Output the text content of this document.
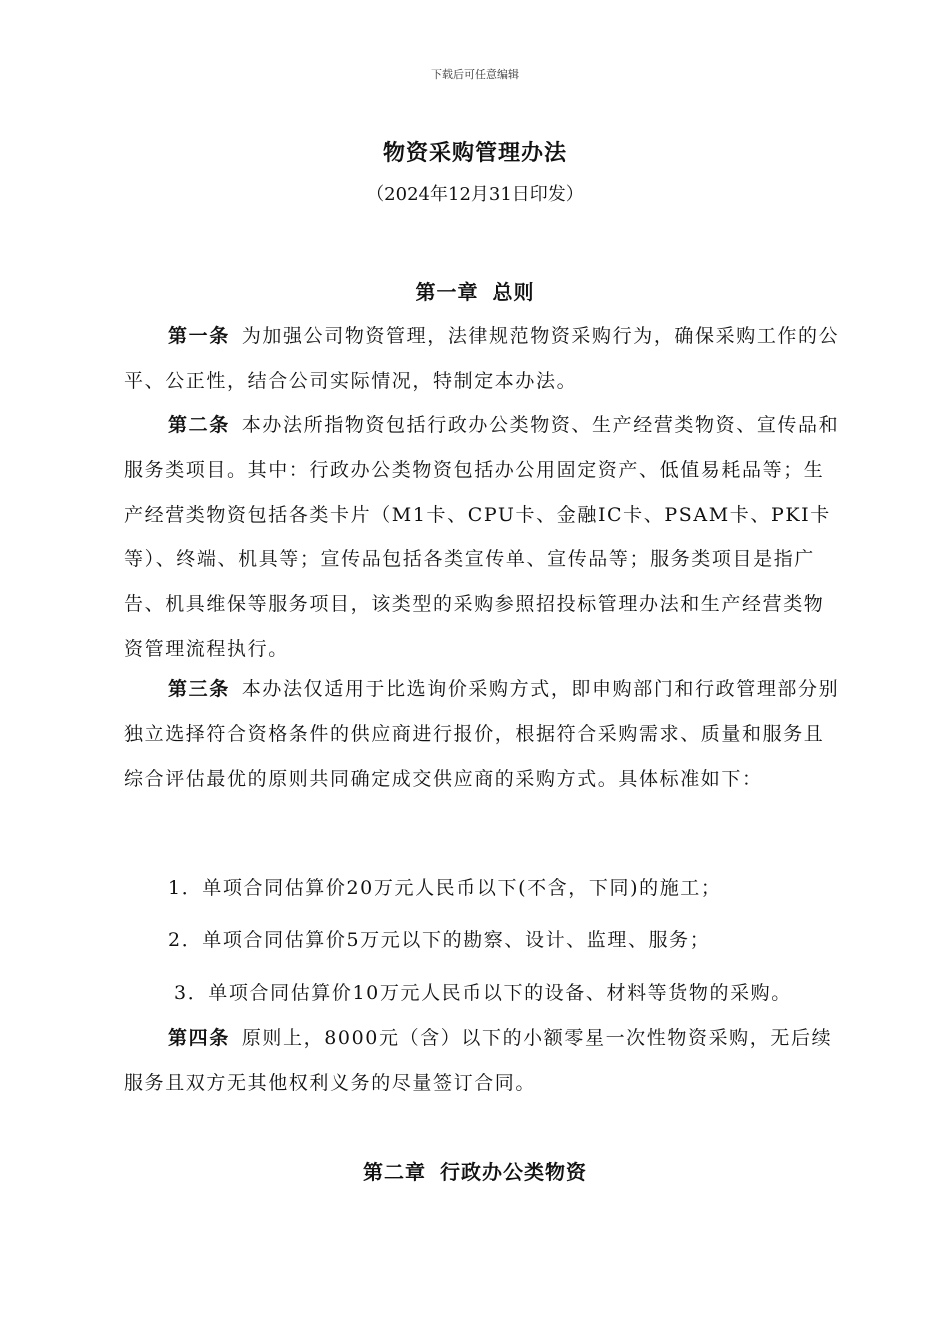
下载后可任意编辑
物资采购管理办法
（2024年12月31日印发）
第一章 总则

第一条 为加强公司物资管理，法律规范物资采购行为，确保采购工作的公平、公正性，结合公司实际情况，特制定本办法。

第二条 本办法所指物资包括行政办公类物资、生产经营类物资、宣传品和服务类项目。其中：行政办公类物资包括办公用固定资产、低值易耗品等；生产经营类物资包括各类卡片（M1卡、CPU卡、金融IC卡、PSAM卡、PKI卡等）、终端、机具等；宣传品包括各类宣传单、宣传品等；服务类项目是指广告、机具维保等服务项目，该类型的采购参照招投标管理办法和生产经营类物资管理流程执行。

第三条 本办法仅适用于比选询价采购方式，即申购部门和行政管理部分别独立选择符合资格条件的供应商进行报价，根据符合采购需求、质量和服务且综合评估最优的原则共同确定成交供应商的采购方式。具体标准如下：

1．单项合同估算价20万元人民币以下(不含，下同)的施工；

2．单项合同估算价5万元以下的勘察、设计、监理、服务；

3．单项合同估算价10万元人民币以下的设备、材料等货物的采购。

第四条 原则上，8000元（含）以下的小额零星一次性物资采购，无后续服务且双方无其他权利义务的尽量签订合同。

第二章 行政办公类物资
